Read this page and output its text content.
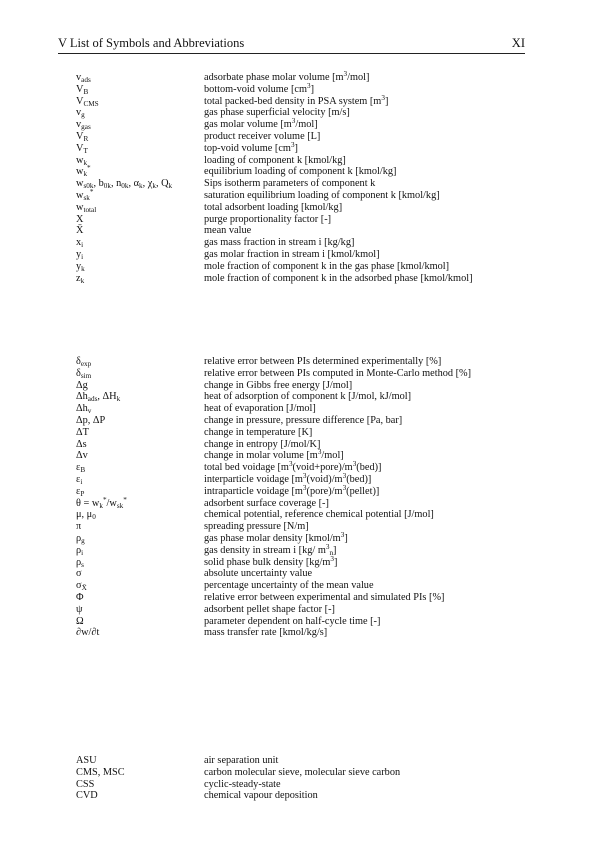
V List of Symbols and Abbreviations	XI
$v_{ads}$	adsorbate phase molar volume $[m^3/mol]$
$V_B$	bottom-void volume $[cm^3]$
$V_{CMS}$	total packed-bed density in PSA system $[m^3]$
$v_g$	gas phase superficial velocity [m/s]
$v_{gas}$	gas molar volume $[m^3/mol]$
$V_R$	product receiver volume [L]
$V_T$	top-void volume $[cm^3]$
$w_k$	loading of component k [kmol/kg]
$w_k^*$	equilibrium loading of component k [kmol/kg]
$w_{s0k}$, $b_{0k}$, $n_{0k}$, $\alpha_k$, $\chi_k$, $Q_k$	Sips isotherm parameters of component k
$w_{sk}^*$	saturation equilibrium loading of component k [kmol/kg]
$w_{total}$	total adsorbent loading [kmol/kg]
X	purge proportionality factor [-]
X̄	mean value
$x_i$	gas mass fraction in stream i [kg/kg]
$y_i$	gas molar fraction in stream i [kmol/kmol]
$y_k$	mole fraction of component k in the gas phase [kmol/kmol]
$z_k$	mole fraction of component k in the adsorbed phase [kmol/kmol]
$\delta_{exp}$	relative error between PIs determined experimentally [%]
$\delta_{sim}$	relative error between PIs computed in Monte-Carlo method [%]
Δg	change in Gibbs free energy [J/mol]
$\Delta h_{ads}$, $\Delta H_k$	heat of adsorption of component k [J/mol, kJ/mol]
$\Delta h_v$	heat of evaporation [J/mol]
Δp, ΔP	change in pressure, pressure difference [Pa, bar]
ΔT	change in temperature [K]
Δs	change in entropy [J/mol/K]
Δv	change in molar volume $[m^3/mol]$
$\varepsilon_B$	total bed voidage $[m^3(void+pore)/m^3(bed)]$
$\varepsilon_i$	interparticle voidage $[m^3(void)/m^3(bed)]$
$\varepsilon_P$	intraparticle voidage $[m^3(pore)/m^3(pellet)]$
$\theta = w_k^*/w_{sk}^*$	adsorbent surface coverage [-]
μ, $\mu_0$	chemical potential, reference chemical potential [J/mol]
π	spreading pressure [N/m]
$\rho_g$	gas phase molar density $[kmol/m^3]$
$\rho_i$	gas density in stream i [kg/ $m^3_n$]
$\rho_s$	solid phase bulk density $[kg/m^3]$
σ	absolute uncertainty value
$\sigma_{X̄}$	percentage uncertainty of the mean value
Φ	relative error between experimental and simulated PIs [%]
ψ	adsorbent pellet shape factor [-]
Ω	parameter dependent on half-cycle time [-]
∂w/∂t	mass transfer rate [kmol/kg/s]
ASU	air separation unit
CMS, MSC	carbon molecular sieve, molecular sieve carbon
CSS	cyclic-steady-state
CVD	chemical vapour deposition
